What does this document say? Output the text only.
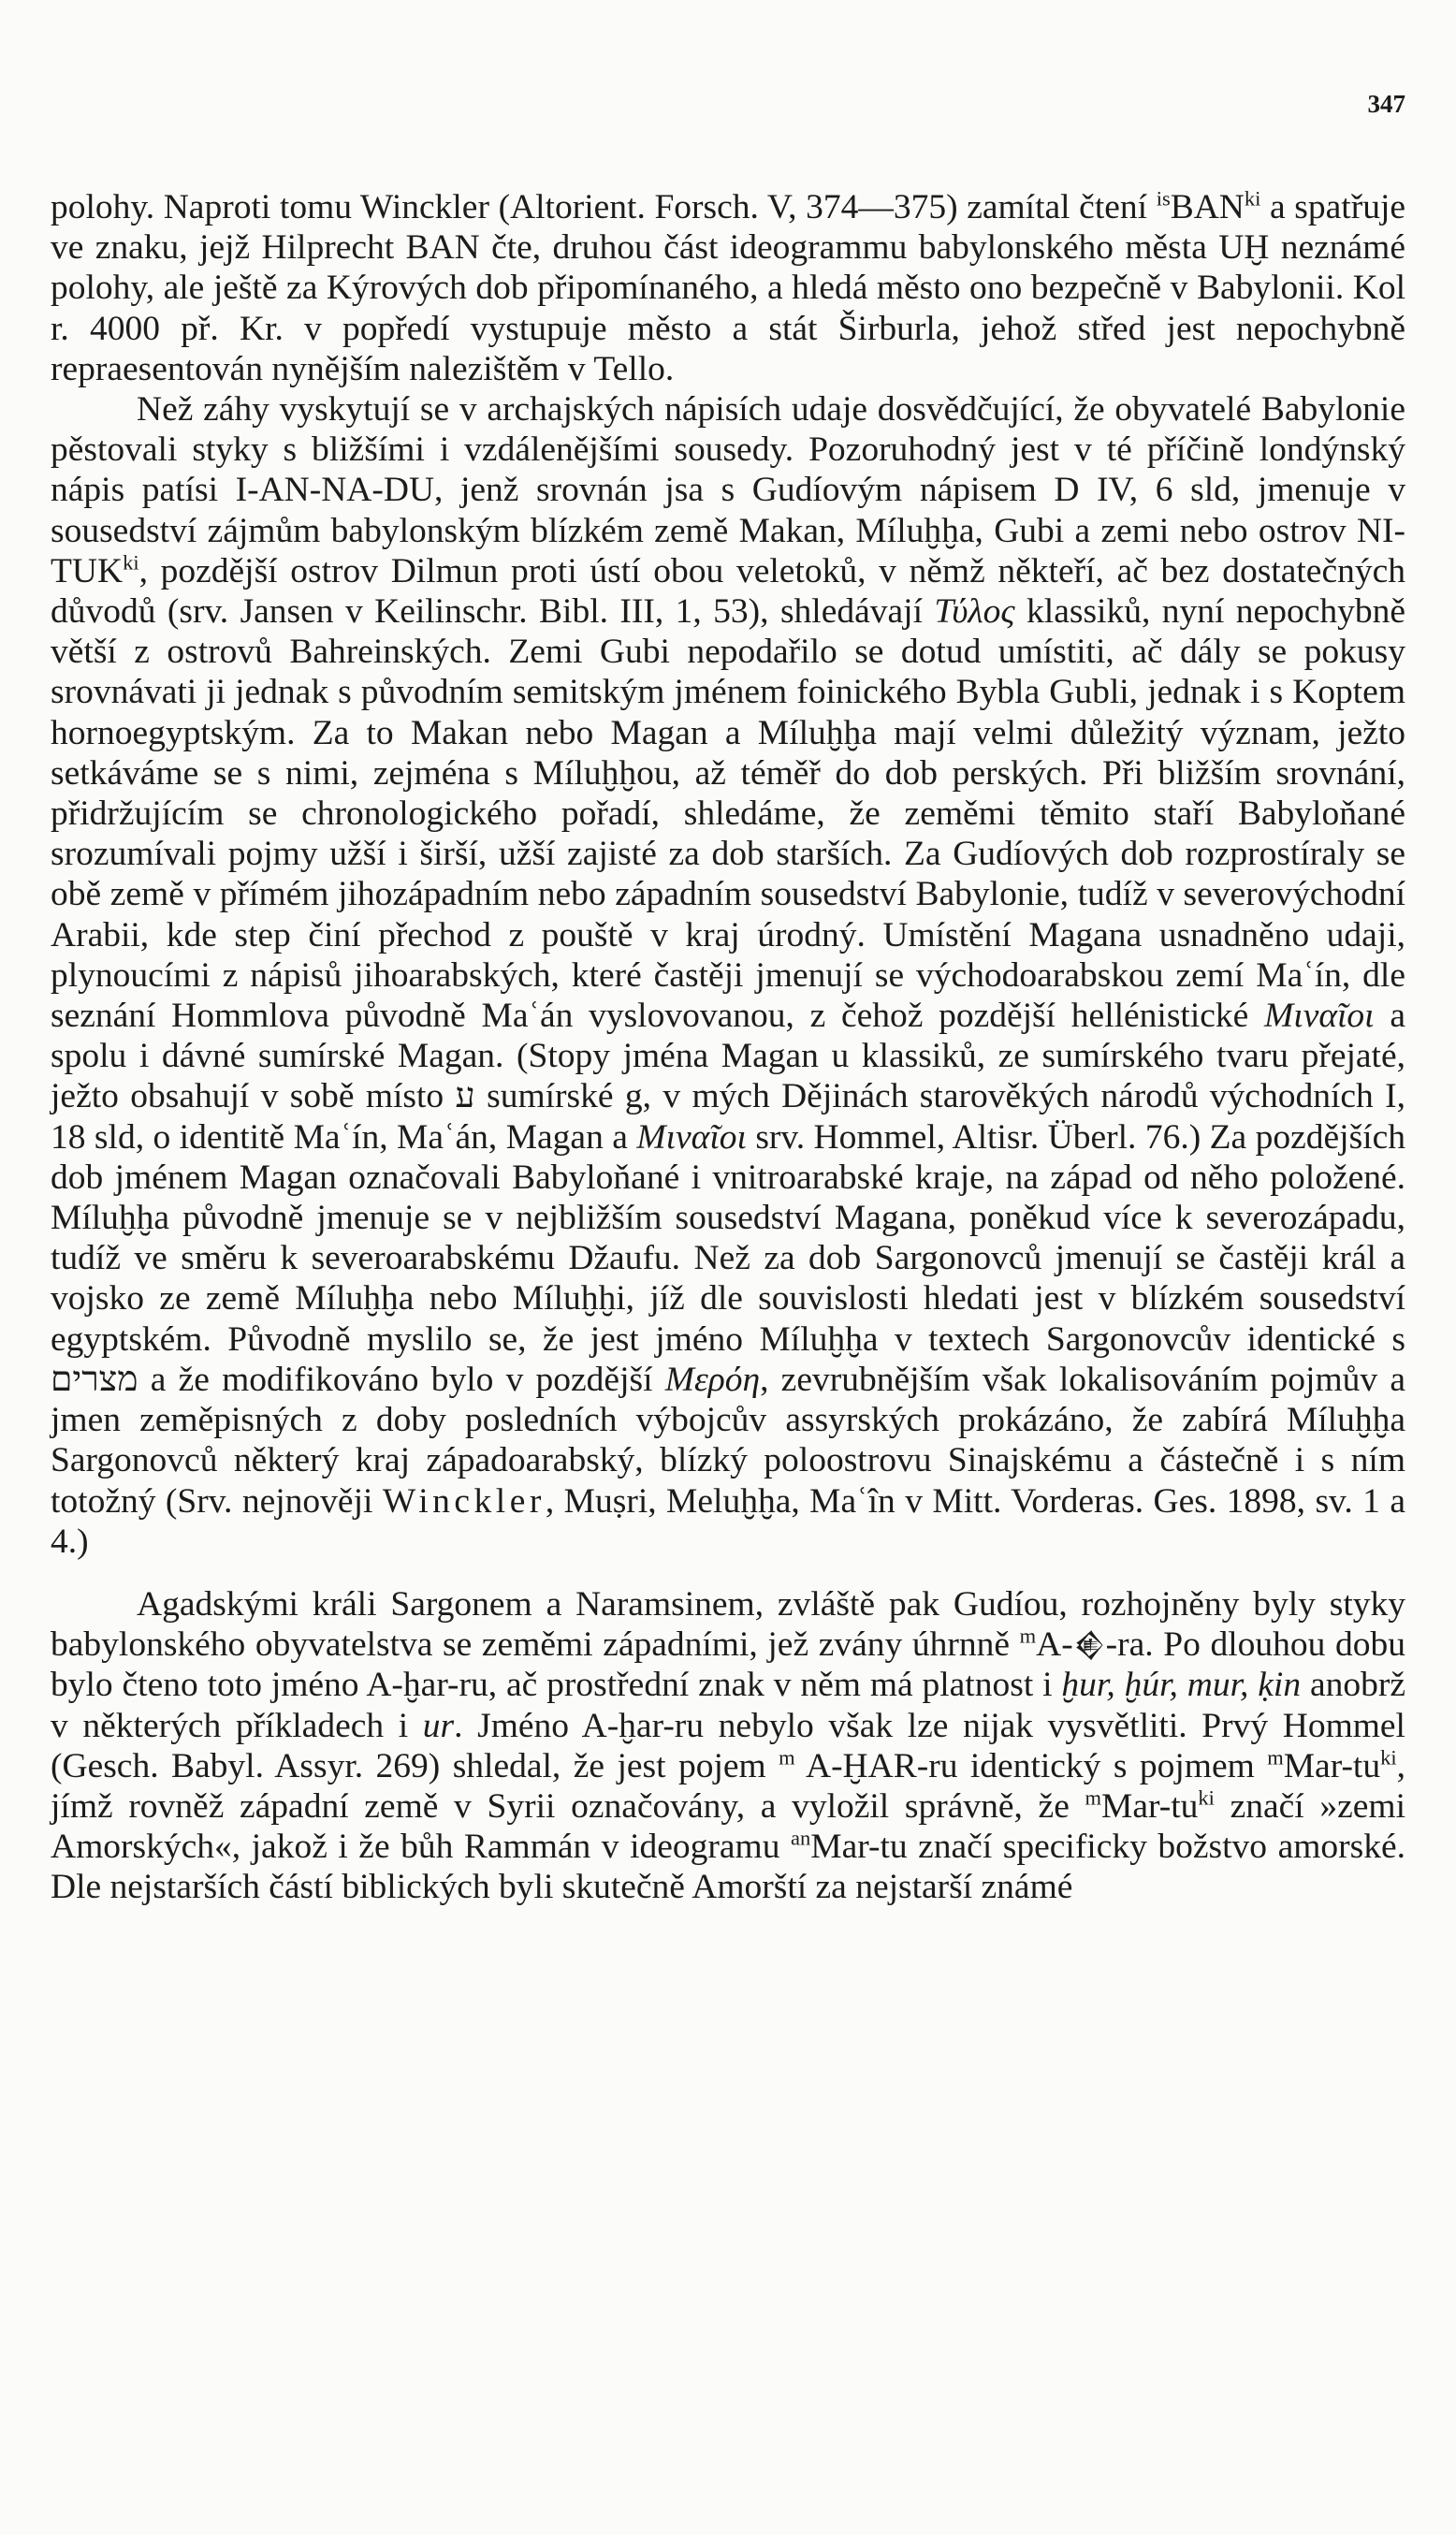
347

polohy. Naproti tomu Winckler (Altorient. Forsch. V, 374—375) zamítal čtení $^{is}BAN^{ki}$ a spatřuje ve znaku, jejž Hilprecht BAN čte, druhou část ideogrammu babylonského města UḪ neznámé polohy, ale ještě za Kýrových dob připomínaného, a hledá město ono bezpečně v Babylonii. Kol r. 4000 př. Kr. v popředí vystupuje město a stát Širburla, jehož střed jest nepochybně repraesentován nynějším nalezištěm v Tello.

Než záhy vyskytují se v archajských nápisích udaje dosvědčující, že obyvatelé Babylonie pěstovali styky s bližšími i vzdálenějšími sousedy. Pozoruhodný jest v té příčině londýnský nápis patísi I-AN-NA-DU, jenž srovnán jsa s Gudíovým nápisem D IV, 6 sld, jmenuje v sousedství zájmům babylonským blízkém země Makan, Míluḫḫa, Gubi a zemi nebo ostrov $NI-TUK^{ki}$, pozdější ostrov Dilmun proti ústí obou veletoků, v němž někteří, ač bez dostatečných důvodů (srv. Jansen v Keilinschr. Bibl. III, 1, 53), shledávají Τύλος klassiků, nyní nepochybně větší z ostrovů Bahreinských. Zemi Gubi nepodařilo se dotud umístiti, ač dály se pokusy srovnávati ji jednak s původním semitským jménem foinického Bybla Gubli, jednak i s Koptem hornoegyptským. Za to Makan nebo Magan a Míluḫḫa mají velmi důležitý význam, ježto setkáváme se s nimi, zejména s Míluḫḫou, až téměř do dob perských. Při bližším srovnání, přidržujícím se chronologického pořadí, shledáme, že zeměmi těmito staří Babyloňané srozumívali pojmy užší i širší, užší zajisté za dob starších. Za Gudíových dob rozprostíraly se obě země v přímém jihozápadním nebo západním sousedství Babylonie, tudíž v severovýchodní Arabii, kde step činí přechod z pouště v kraj úrodný. Umístění Magana usnadněno udaji, plynoucími z nápisů jihoarabských, které častěji jmenují se východoarabskou zemí Maʿín, dle seznání Hommlova původně Maʿán vyslovovanou, z čehož pozdější hellénistické Μιναῖοι a spolu i dávné sumírské Magan. (Stopy jména Magan u klassiků, ze sumírského tvaru přejaté, ježto obsahují v sobě místo ע sumírské g, v mých Dějinách starověkých národů východních I, 18 sld, o identitě Maʿín, Maʿán, Magan a Μιναῖοι srv. Hommel, Altisr. Überl. 76.) Za pozdějších dob jménem Magan označovali Babyloňané i vnitroarabské kraje, na západ od něho položené. Míluḫḫa původně jmenuje se v nejbližším sousedství Magana, poněkud více k severozápadu, tudíž ve směru k severoarabskému Džaufu. Než za dob Sargonovců jmenují se častěji král a vojsko ze země Míluḫḫa nebo Míluḫḫi, jíž dle souvislosti hledati jest v blízkém sousedství egyptském. Původně myslilo se, že jest jméno Míluḫḫa v textech Sargonovcův identické s מצרים a že modifikováno bylo v pozdější Μερόη, zevrubnějším však lokalisováním pojmův a jmen zeměpisných z doby posledních výbojcův assyrských prokázáno, že zabírá Míluḫḫa Sargonovců některý kraj západoarabský, blízký poloostrovu Sinajskému a částečně i s ním totožný (Srv. nejnověji Winckler, Muṣri, Meluḫḫa, Maʿîn v Mitt. Vorderas. Ges. 1898, sv. 1 a 4.)

Agadskými králi Sargonem a Naramsinem, zvláště pak Gudíou, rozhojněny byly styky babylonského obyvatelstva se zeměmi západními, jež zvány úhrnně $^m$A-𒄯-ra. Po dlouhou dobu bylo čteno toto jméno A-ḫar-ru, ač prostřední znak v něm má platnost i ḫur, ḫúr, mur, ḳin anobrž v některých příkladech i ur. Jméno A-ḫar-ru nebylo však lze nijak vysvětliti. Prvý Hommel (Gesch. Babyl. Assyr. 269) shledal, že jest pojem $^m$ A-ḪAR-ru identický s pojmem $^mMar-tu^{ki}$, jímž rovněž západní země v Syrii označovány, a vyložil správně, že $^mMar-tu^{ki}$ značí »zemi Amorských«, jakož i že bůh Rammán v ideogramu $^{an}$Mar-tu značí specificky božstvo amorské. Dle nejstarších částí biblických byli skutečně Amorští za nejstarší známé
